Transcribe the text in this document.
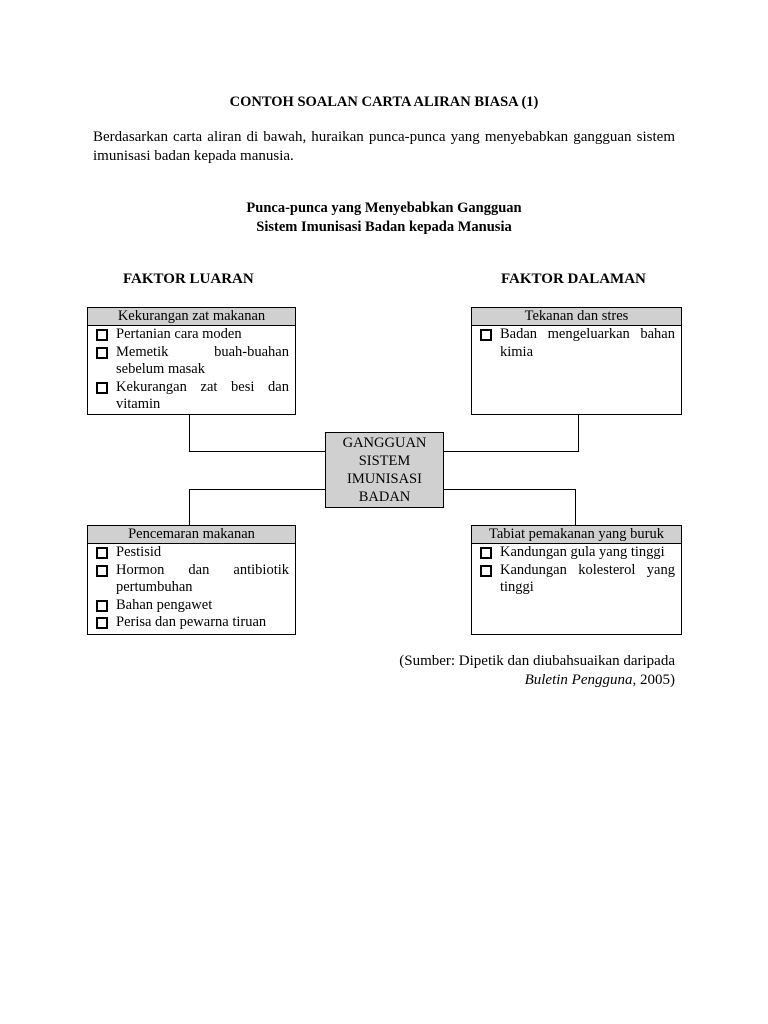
CONTOH SOALAN CARTA ALIRAN BIASA (1)
Berdasarkan carta aliran di bawah, huraikan punca-punca yang menyebabkan gangguan sistem imunisasi badan kepada manusia.
Punca-punca yang Menyebabkan Gangguan
Sistem Imunisasi Badan kepada Manusia
FAKTOR LUARAN	FAKTOR DALAMAN
GANGGUAN
SISTEM
IMUNISASI
BADAN
Kekurangan zat makanan
Pertanian cara moden
Memetik buah-buahan sebelum masak
Kekurangan zat besi dan vitamin
Tekanan dan stres
Badan mengeluarkan bahan kimia
Pencemaran makanan
Pestisid
Hormon dan antibiotik pertumbuhan
Bahan pengawet
Perisa dan pewarna tiruan
Tabiat pemakanan yang buruk
Kandungan gula yang tinggi
Kandungan kolesterol yang tinggi
(Sumber: Dipetik dan diubahsuaikan daripada
Buletin Pengguna, 2005)
